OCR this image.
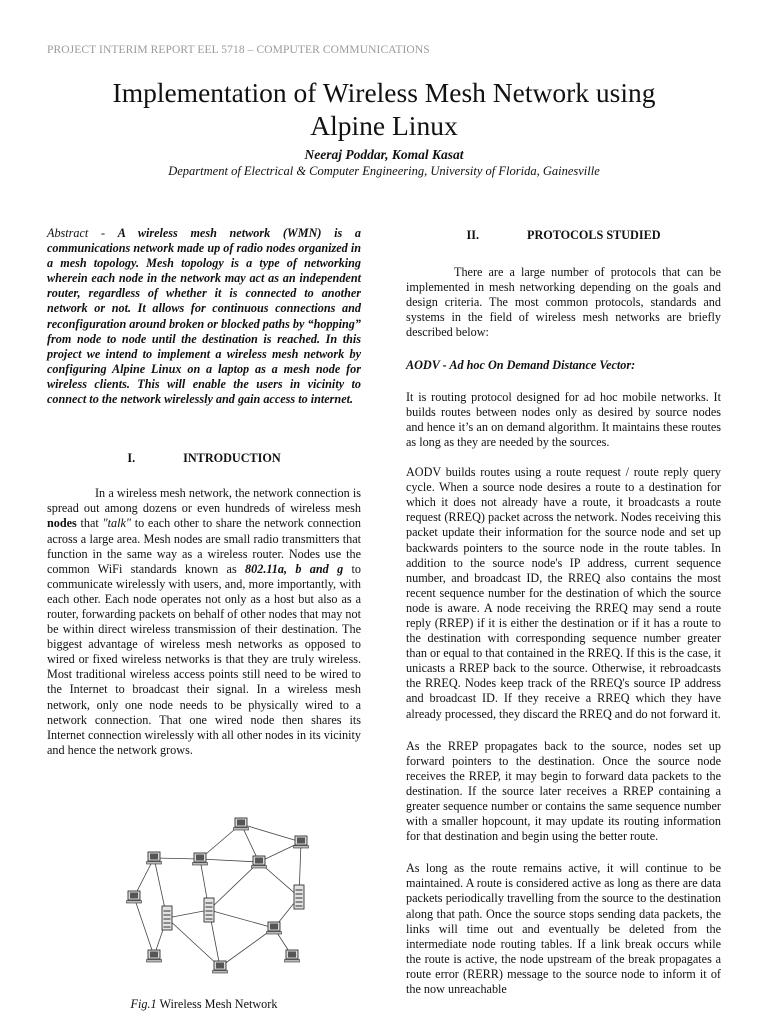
PROJECT INTERIM REPORT EEL 5718 – COMPUTER COMMUNICATIONS
Implementation of Wireless Mesh Network using
Alpine Linux
Neeraj Poddar, Komal Kasat
Department of Electrical & Computer Engineering, University of Florida, Gainesville

Abstract - A wireless mesh network (WMN) is a communications network made up of radio nodes organized in a mesh topology. Mesh topology is a type of networking wherein each node in the network may act as an independent router, regardless of whether it is connected to another network or not. It allows for continuous connections and reconfiguration around broken or blocked paths by “hopping” from node to node until the destination is reached. In this project we intend to implement a wireless mesh network by configuring Alpine Linux on a laptop as a mesh node for wireless clients. This will enable the users in vicinity to connect to the network wirelessly and gain access to internet.

I.	INTRODUCTION

In a wireless mesh network, the network connection is spread out among dozens or even hundreds of wireless mesh nodes that "talk" to each other to share the network connection across a large area. Mesh nodes are small radio transmitters that function in the same way as a wireless router. Nodes use the common WiFi standards known as 802.11a, b and g to communicate wirelessly with users, and, more importantly, with each other. Each node operates not only as a host but also as a router, forwarding packets on behalf of other nodes that may not be within direct wireless transmission of their destination. The biggest advantage of wireless mesh networks as opposed to wired or fixed wireless networks is that they are truly wireless. Most traditional wireless access points still need to be wired to the Internet to broadcast their signal. In a wireless mesh network, only one node needs to be physically wired to a network connection. That one wired node then shares its Internet connection wirelessly with all other nodes in its vicinity and hence the network grows.

Fig.1 Wireless Mesh Network
II.	PROTOCOLS STUDIED

There are a large number of protocols that can be implemented in mesh networking depending on the goals and design criteria. The most common protocols, standards and systems in the field of wireless mesh networks are briefly described below:

AODV - Ad hoc On Demand Distance Vector:

It is routing protocol designed for ad hoc mobile networks. It builds routes between nodes only as desired by source nodes and hence it’s an on demand algorithm. It maintains these routes as long as they are needed by the sources.

AODV builds routes using a route request / route reply query cycle. When a source node desires a route to a destination for which it does not already have a route, it broadcasts a route request (RREQ) packet across the network. Nodes receiving this packet update their information for the source node and set up backwards pointers to the source node in the route tables. In addition to the source node's IP address, current sequence number, and broadcast ID, the RREQ also contains the most recent sequence number for the destination of which the source node is aware. A node receiving the RREQ may send a route reply (RREP) if it is either the destination or if it has a route to the destination with corresponding sequence number greater than or equal to that contained in the RREQ. If this is the case, it unicasts a RREP back to the source. Otherwise, it rebroadcasts the RREQ. Nodes keep track of the RREQ's source IP address and broadcast ID. If they receive a RREQ which they have already processed, they discard the RREQ and do not forward it.

As the RREP propagates back to the source, nodes set up forward pointers to the destination. Once the source node receives the RREP, it may begin to forward data packets to the destination. If the source later receives a RREP containing a greater sequence number or contains the same sequence number with a smaller hopcount, it may update its routing information for that destination and begin using the better route.

As long as the route remains active, it will continue to be maintained. A route is considered active as long as there are data packets periodically travelling from the source to the destination along that path. Once the source stops sending data packets, the links will time out and eventually be deleted from the intermediate node routing tables. If a link break occurs while the route is active, the node upstream of the break propagates a route error (RERR) message to the source node to inform it of the now unreachable
